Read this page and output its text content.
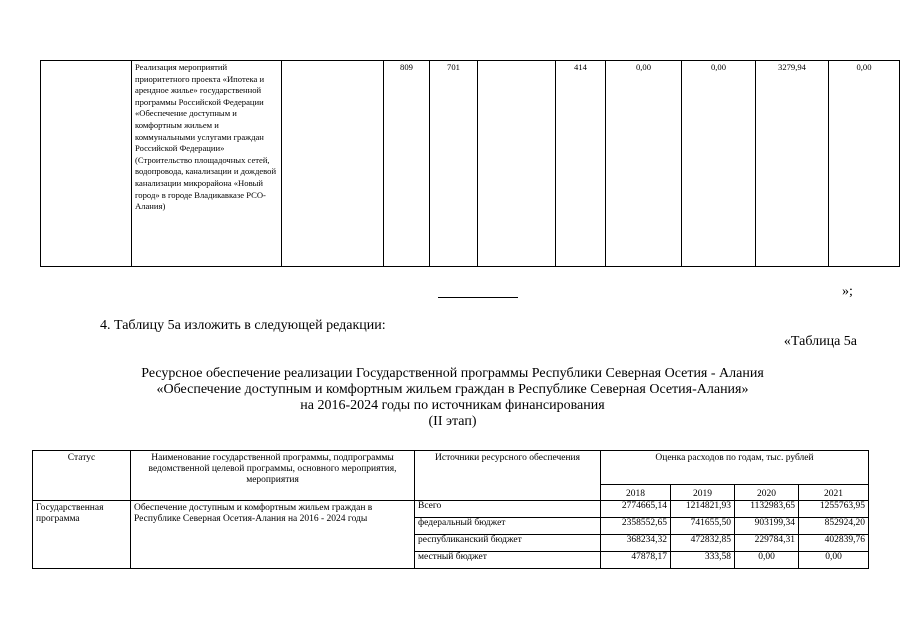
	Реализация мероприятий приоритетного проекта «Ипотека и арендное жилье» государственной программы Российской Федерации «Обеспечение доступным и комфортным жильем и коммунальными услугами граждан Российской Федерации» (Строительство площадочных сетей, водопровода, канализации и дождевой канализации микрорайона «Новый город» в городе Владикавказе РСО-Алания)		809	701		414	0,00	0,00	3279,94	0,00
»;
4. Таблицу 5а изложить в следующей редакции:
«Таблица 5а
Ресурсное обеспечение реализации Государственной программы Республики Северная Осетия - Алания
«Обеспечение доступным и комфортным жильем граждан в Республике Северная Осетия-Алания»
на 2016-2024 годы по источникам финансирования
(II этап)
Статус	Наименование государственной программы, подпрограммы ведомственной целевой программы, основного мероприятия, мероприятия	Источники ресурсного обеспечения	Оценка расходов по годам, тыс. рублей			
			2018	2019	2020	2021
Государственная программа	Обеспечение доступным и комфортным жильем граждан в Республике Северная Осетия-Алания на 2016 - 2024 годы	Всего	2774665,14	1214821,93	1132983,65	1255763,95
		федеральный бюджет	2358552,65	741655,50	903199,34	852924,20
		республиканский бюджет	368234,32	472832,85	229784,31	402839,76
		местный бюджет	47878,17	333,58	0,00	0,00
